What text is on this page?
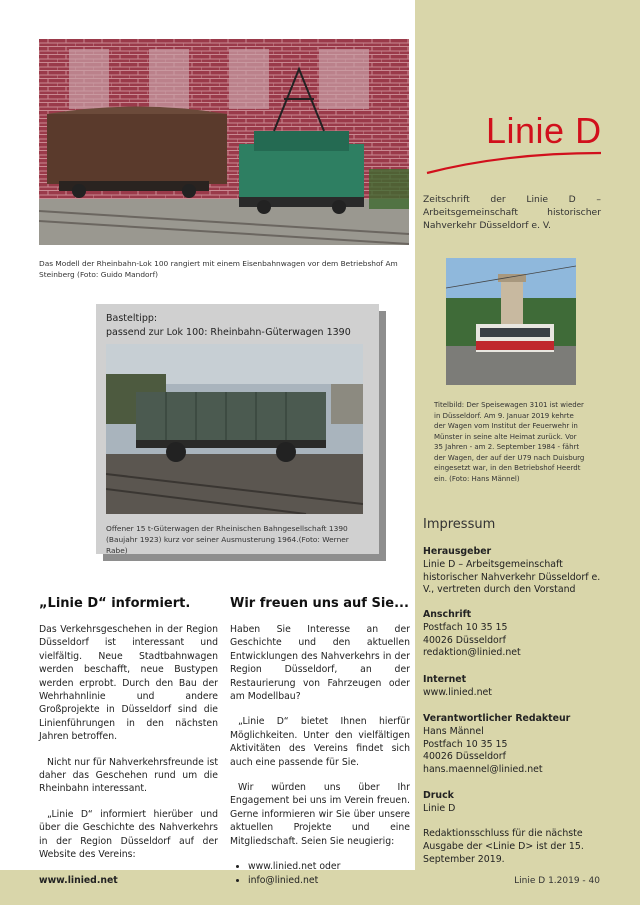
Das Modell der Rheinbahn-Lok 100 rangiert mit einem Eisenbahnwagen vor dem Betriebshof Am Steinberg (Foto: Guido Mandorf)
Linie D
Zeitschrift der Linie D – Arbeitsgemeinschaft historischer Nahverkehr Düsseldorf e. V.
Titelbild: Der Speisewagen 3101 ist wieder in Düsseldorf. Am 9. Januar 2019 kehrte der Wagen vom Institut der Feuerwehr in Münster in seine alte Heimat zurück. Vor 35 Jahren - am 2. September 1984 - fährt der Wagen, der auf der U79 nach Duisburg eingesetzt war, in den Betriebshof Heerdt ein. (Foto: Hans Männel)
Basteltipp:
passend zur Lok 100: Rheinbahn-Güterwagen 1390
Offener 15 t-Güterwagen der Rheinischen Bahngesellschaft 1390 (Baujahr 1923) kurz vor seiner Ausmusterung 1964.(Foto: Werner Rabe)
„Linie D“ informiert.

Das Verkehrsgeschehen in der Region Düsseldorf ist interessant und vielfältig. Neue Stadtbahnwagen werden beschafft, neue Bustypen werden erprobt. Durch den Bau der Wehrhahnlinie und andere Großprojekte in Düsseldorf sind die Linienführungen in den nächsten Jahren betroffen.

Nicht nur für Nahverkehrsfreunde ist daher das Geschehen rund um die Rheinbahn interessant.

„Linie D“ informiert hierüber und über die Geschichte des Nahverkehrs in der Region Düsseldorf auf der Website des Vereins:

www.linied.net
Wir freuen uns auf Sie...

Haben Sie Interesse an der Geschichte und den aktuellen Entwicklungen des Nahverkehrs in der Region Düsseldorf, an der Restaurierung von Fahrzeugen oder am Modellbau?

„Linie D“ bietet Ihnen hierfür Möglichkeiten. Unter den vielfältigen Aktivitäten des Vereins findet sich auch eine passende für Sie.

Wir würden uns über Ihr Engagement bei uns im Verein freuen. Gerne informieren wir Sie über unsere aktuellen Projekte und eine Mitgliedschaft. Seien Sie neugierig:

• www.linied.net oder
• info@linied.net
Impressum
Herausgeber
Linie D – Arbeitsgemeinschaft historischer Nahverkehr Düsseldorf e. V., vertreten durch den Vorstand
Anschrift
Postfach 10 35 15
40026 Düsseldorf
redaktion@linied.net
Internet
www.linied.net
Verantwortlicher Redakteur
Hans Männel
Postfach 10 35 15
40026 Düsseldorf
hans.maennel@linied.net
Druck
Linie D
Redaktionsschluss für die nächste Ausgabe der <Linie D> ist der 15. September 2019.
Linie D 1.2019 - 40
